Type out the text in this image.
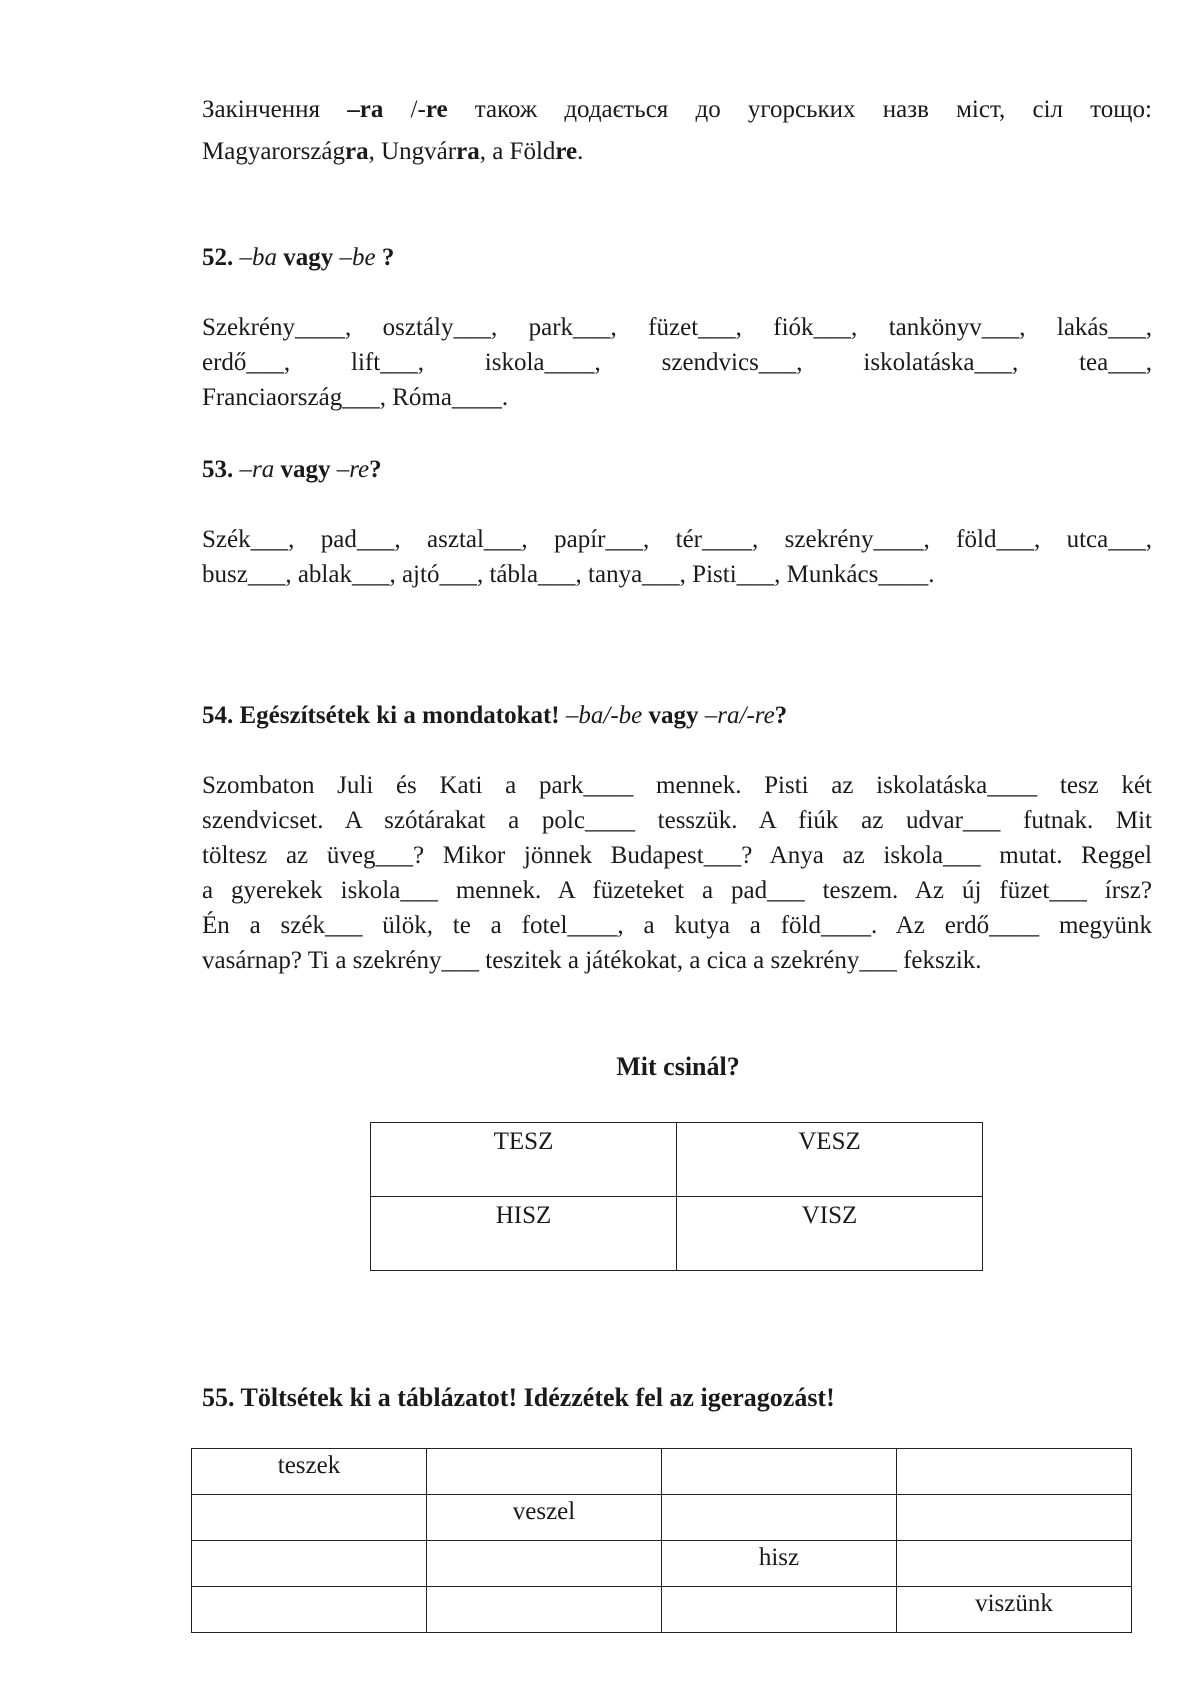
Закінчення –ra /-re також додається до угорських назв міст, сіл тощо:
Magyarországra, Ungvárra, a Földre.
52. –ba vagy –be ?
Szekrény____, osztály___, park___, füzet___, fiók___, tankönyv___, lakás___,
erdő___, lift___, iskola____, szendvics___, iskolatáska___, tea___,
Franciaország___, Róma____.
53. –ra vagy –re?
Szék___, pad___, asztal___, papír___, tér____, szekrény____, föld___, utca___,
busz___, ablak___, ajtó___, tábla___, tanya___, Pisti___, Munkács____.
54. Egészítsétek ki a mondatokat! –ba/-be vagy –ra/-re?
Szombaton Juli és Kati a park____ mennek. Pisti az iskolatáska____ tesz két
szendvicset. A szótárakat a polc____ tesszük. A fiúk az udvar___ futnak. Mit
töltesz az üveg___? Mikor jönnek Budapest___? Anya az iskola___ mutat. Reggel
a gyerekek iskola___ mennek. A füzeteket a pad___ teszem. Az új füzet___ írsz?
Én a szék___ ülök, te a fotel____, a kutya a föld____. Az erdő____ megyünk
vasárnap? Ti a szekrény___ teszitek a játékokat, a cica a szekrény___ fekszik.
Mit csinál?
TESZ	VESZ
HISZ	VISZ
55. Töltsétek ki a táblázatot! Idézzétek fel az igeragozást!
teszek			
	veszel		
		hisz	
			viszünk
